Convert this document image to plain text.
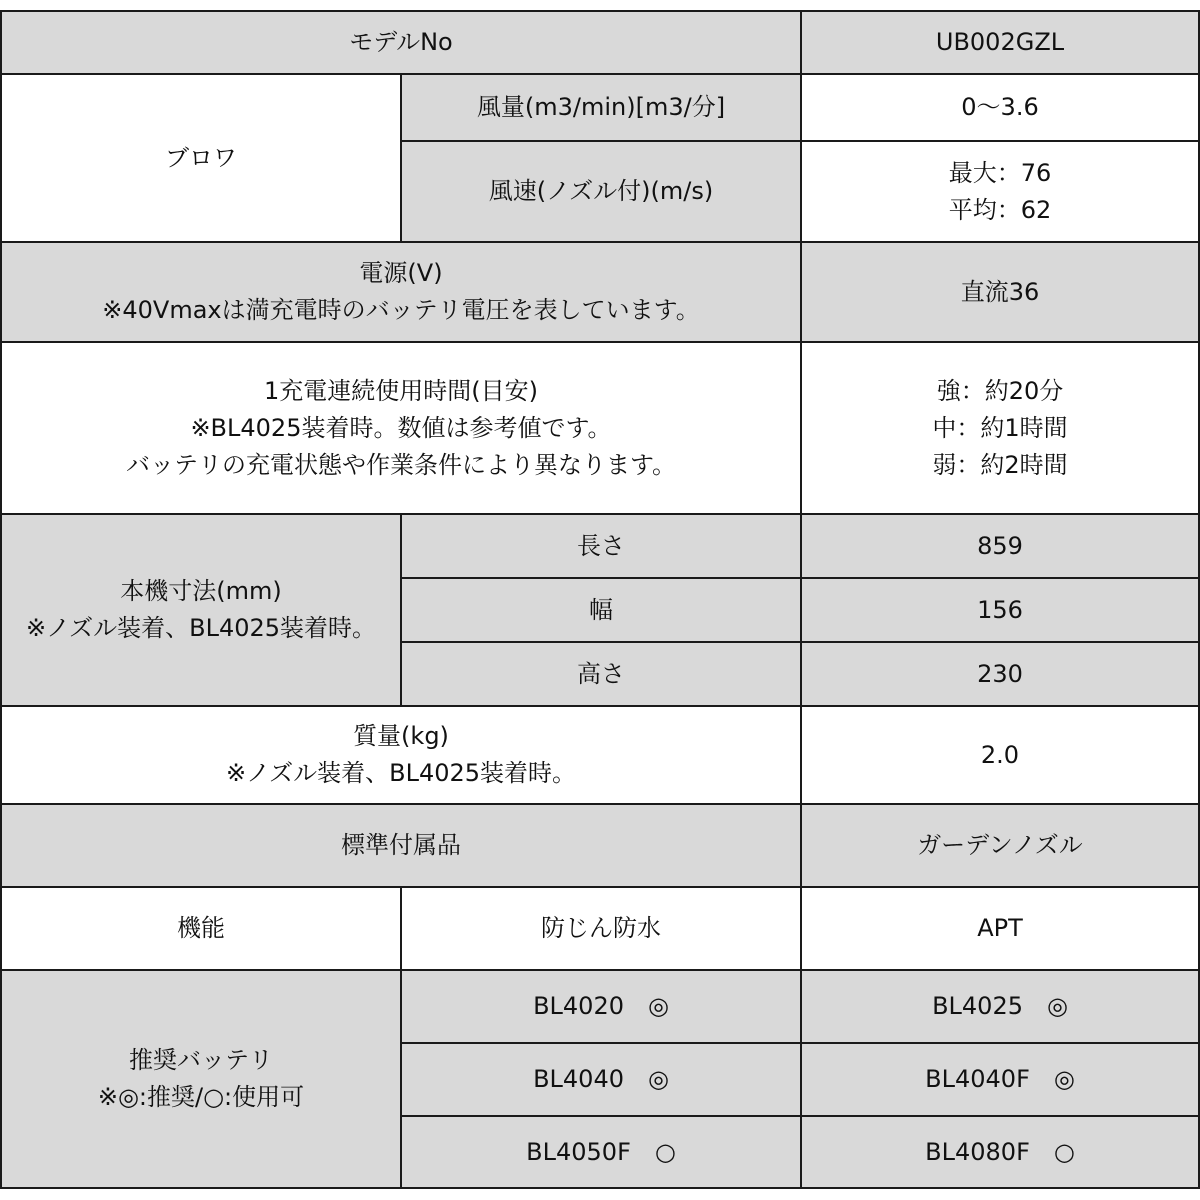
モデルNo		UB002GZL
ブロワ	風量(m3/min)[m3/分]	0〜3.6
	風速(ノズル付)(m/s)	最大：76
平均：62

電源(V)
※40Vmaxは満充電時のバッテリ電圧を表しています。		直流36

1充電連続使用時間(目安)
※BL4025装着時。数値は参考値です。
バッテリの充電状態や作業条件により異なります。		強：約20分
中：約1時間
弱：約2時間

本機寸法(mm)
※ノズル装着、BL4025装着時。	長さ	859
	幅	156
	高さ	230

質量(kg)
※ノズル装着、BL4025装着時。		2.0
標準付属品		ガーデンノズル
機能	防じん防水	APT

推奨バッテリ
※◎:推奨/○:使用可	BL4020　◎	BL4025　◎
	BL4040　◎	BL4040F　◎
	BL4050F　○	BL4080F　○
